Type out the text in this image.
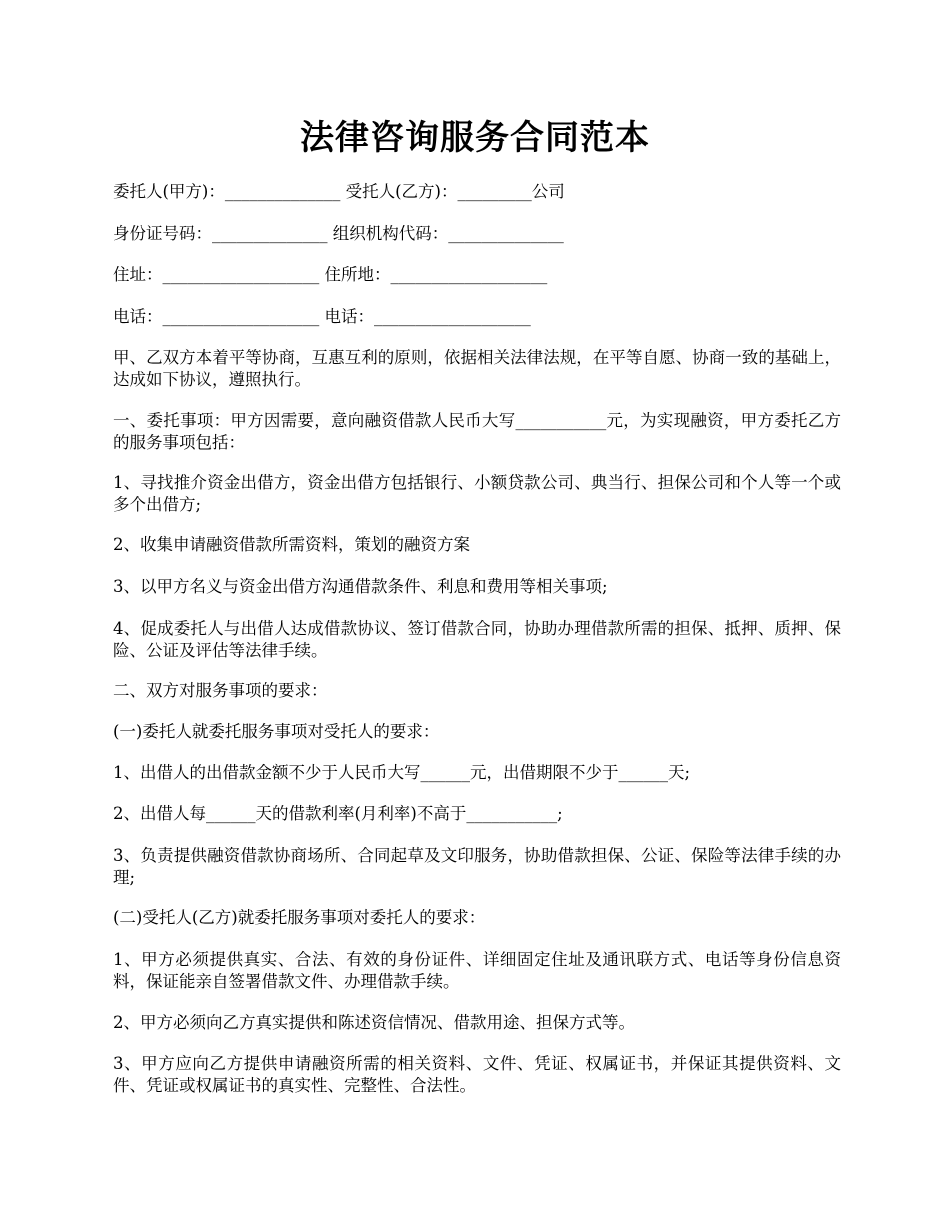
法律咨询服务合同范本

委托人(甲方)：______________ 受托人(乙方)：_________公司

身份证号码：______________ 组织机构代码：______________

住址：___________________ 住所地：___________________

电话：___________________ 电话：___________________

甲、乙双方本着平等协商，互惠互利的原则，依据相关法律法规，在平等自愿、协商一致的基础上，达成如下协议，遵照执行。

一、委托事项：甲方因需要，意向融资借款人民币大写___________元，为实现融资，甲方委托乙方的服务事项包括：

1、寻找推介资金出借方，资金出借方包括银行、小额贷款公司、典当行、担保公司和个人等一个或多个出借方;

2、收集申请融资借款所需资料，策划的融资方案

3、以甲方名义与资金出借方沟通借款条件、利息和费用等相关事项;

4、促成委托人与出借人达成借款协议、签订借款合同，协助办理借款所需的担保、抵押、质押、保险、公证及评估等法律手续。

二、双方对服务事项的要求：

(一)委托人就委托服务事项对受托人的要求：

1、出借人的出借款金额不少于人民币大写______元，出借期限不少于______天;

2、出借人每______天的借款利率(月利率)不高于___________;

3、负责提供融资借款协商场所、合同起草及文印服务，协助借款担保、公证、保险等法律手续的办理;

(二)受托人(乙方)就委托服务事项对委托人的要求：

1、甲方必须提供真实、合法、有效的身份证件、详细固定住址及通讯联方式、电话等身份信息资料，保证能亲自签署借款文件、办理借款手续。

2、甲方必须向乙方真实提供和陈述资信情况、借款用途、担保方式等。

3、甲方应向乙方提供申请融资所需的相关资料、文件、凭证、权属证书，并保证其提供资料、文件、凭证或权属证书的真实性、完整性、合法性。
